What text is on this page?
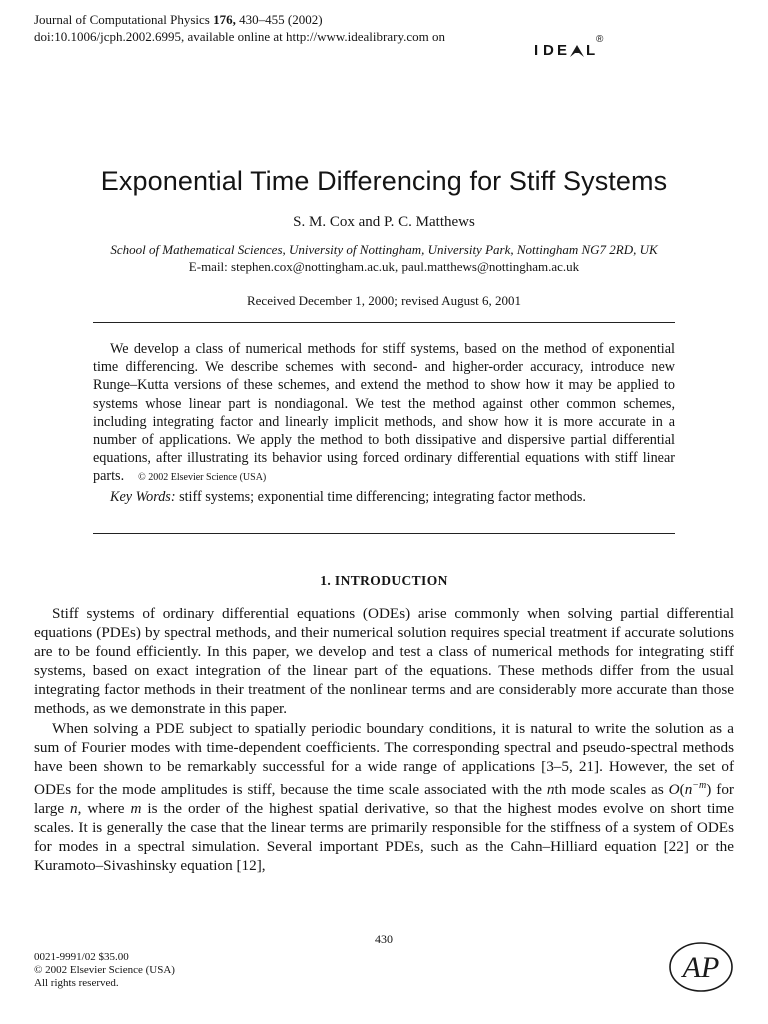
Journal of Computational Physics 176, 430–455 (2002)
doi:10.1006/jcph.2002.6995, available online at http://www.idealibrary.com on
I D E L
®
Exponential Time Differencing for Stiff Systems
S. M. Cox and P. C. Matthews
School of Mathematical Sciences, University of Nottingham, University Park, Nottingham NG7 2RD, UK
E-mail: stephen.cox@nottingham.ac.uk, paul.matthews@nottingham.ac.uk
Received December 1, 2000; revised August 6, 2001

We develop a class of numerical methods for stiff systems, based on the method of exponential time differencing. We describe schemes with second- and higher-order accuracy, introduce new Runge–Kutta versions of these schemes, and extend the method to show how it may be applied to systems whose linear part is nondiagonal. We test the method against other common schemes, including integrating factor and linearly implicit methods, and show how it is more accurate in a number of applications. We apply the method to both dissipative and dispersive partial differential equations, after illustrating its behavior using forced ordinary differential equations with stiff linear parts. © 2002 Elsevier Science (USA)

Key Words: stiff systems; exponential time differencing; integrating factor methods.

1. INTRODUCTION

Stiff systems of ordinary differential equations (ODEs) arise commonly when solving partial differential equations (PDEs) by spectral methods, and their numerical solution requires special treatment if accurate solutions are to be found efficiently. In this paper, we develop and test a class of numerical methods for integrating stiff systems, based on exact integration of the linear part of the equations. These methods differ from the usual integrating factor methods in their treatment of the nonlinear terms and are considerably more accurate than those methods, as we demonstrate in this paper.

When solving a PDE subject to spatially periodic boundary conditions, it is natural to write the solution as a sum of Fourier modes with time-dependent coefficients. The corresponding spectral and pseudo-spectral methods have been shown to be remarkably successful for a wide range of applications [3–5, 21]. However, the set of ODEs for the mode amplitudes is stiff, because the time scale associated with the nth mode scales as $O(n^{-m})$ for large n, where m is the order of the highest spatial derivative, so that the highest modes evolve on short time scales. It is generally the case that the linear terms are primarily responsible for the stiffness of a system of ODEs for modes in a spectral simulation. Several important PDEs, such as the Cahn–Hilliard equation [22] or the Kuramoto–Sivashinsky equation [12],

430
0021-9991/02 $35.00
© 2002 Elsevier Science (USA)
All rights reserved.	AP
